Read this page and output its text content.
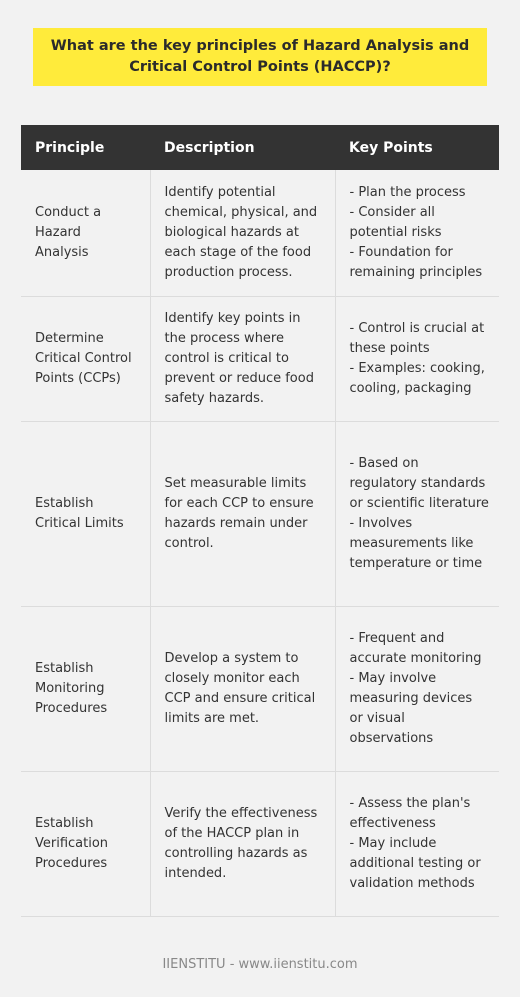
What are the key principles of Hazard Analysis and Critical Control Points (HACCP)?
Principle	Description	Key Points
Conduct a Hazard Analysis	Identify potential chemical, physical, and biological hazards at each stage of the food production process.	- Plan the process
- Consider all potential risks
- Foundation for remaining principles

Determine Critical Control Points (CCPs)	Identify key points in the process where control is critical to prevent or reduce food safety hazards.	- Control is crucial at these points
- Examples: cooking, cooling, packaging

Establish Critical Limits	Set measurable limits for each CCP to ensure hazards remain under control.	- Based on regulatory standards or scientific literature
- Involves measurements like temperature or time

Establish Monitoring Procedures	Develop a system to closely monitor each CCP and ensure critical limits are met.	- Frequent and accurate monitoring
- May involve measuring devices or visual observations

Establish Verification Procedures	Verify the effectiveness of the HACCP plan in controlling hazards as intended.	- Assess the plan's effectiveness
- May include additional testing or validation methods
IIENSTITU - www.iienstitu.com
